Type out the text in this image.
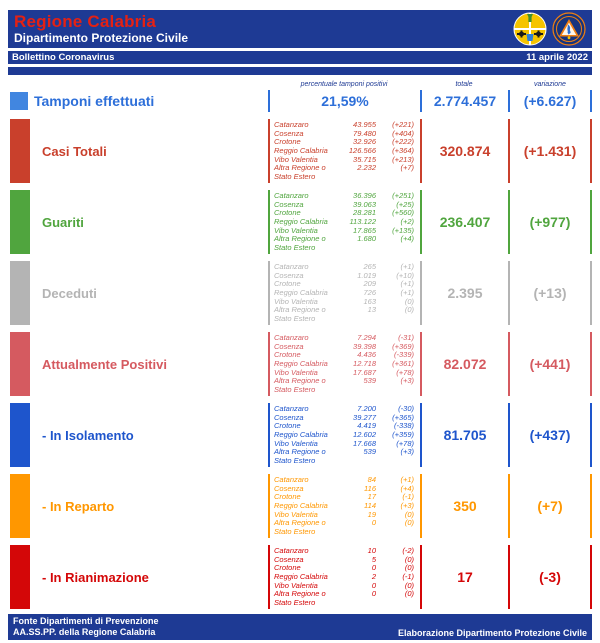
Regione Calabria
Dipartimento Protezione Civile
Bollettino Coronavirus	11 aprile 2022
percentuale tamponi positivi	totale	variazione
Tamponi effettuati	21,59%	2.774.457	(+6.627)
Casi Totali
Catanzaro	43.955	(+221)
Cosenza	79.480	(+404)
Crotone	32.926	(+222)
Reggio Calabria	126.566	(+364)
Vibo Valentia	35.715	(+213)
Altra Regione o Stato Estero
2.232	(+7)
320.874	(+1.431)
Guariti
Catanzaro	36.396	(+251)
Cosenza	39.063	(+25)
Crotone	28.281	(+560)
Reggio Calabria	113.122	(+2)
Vibo Valentia	17.865	(+135)
Altra Regione o Stato Estero
1.680	(+4)
236.407	(+977)
Deceduti
Catanzaro	265	(+1)
Cosenza	1.019	(+10)
Crotone	209	(+1)
Reggio Calabria	726	(+1)
Vibo Valentia	163	(0)
Altra Regione o Stato Estero
13	(0)
2.395	(+13)
Attualmente Positivi
Catanzaro	7.294	(-31)
Cosenza	39.398	(+369)
Crotone	4.436	(-339)
Reggio Calabria	12.718	(+361)
Vibo Valentia	17.687	(+78)
Altra Regione o Stato Estero
539	(+3)
82.072	(+441)
- In Isolamento
Catanzaro	7.200	(-30)
Cosenza	39.277	(+365)
Crotone	4.419	(-338)
Reggio Calabria	12.602	(+359)
Vibo Valentia	17.668	(+78)
Altra Regione o Stato Estero
539	(+3)
81.705	(+437)
- In Reparto
Catanzaro	84	(+1)
Cosenza	116	(+4)
Crotone	17	(-1)
Reggio Calabria	114	(+3)
Vibo Valentia	19	(0)
Altra Regione o Stato Estero
0	(0)
350	(+7)
- In Rianimazione
Catanzaro	10	(-2)
Cosenza	5	(0)
Crotone	0	(0)
Reggio Calabria	2	(-1)
Vibo Valentia	0	(0)
Altra Regione o Stato Estero
0	(0)
17	(-3)
Fonte Dipartimenti di Prevenzione
AA.SS.PP. della Regione Calabria	Elaborazione Dipartimento Protezione Civile
